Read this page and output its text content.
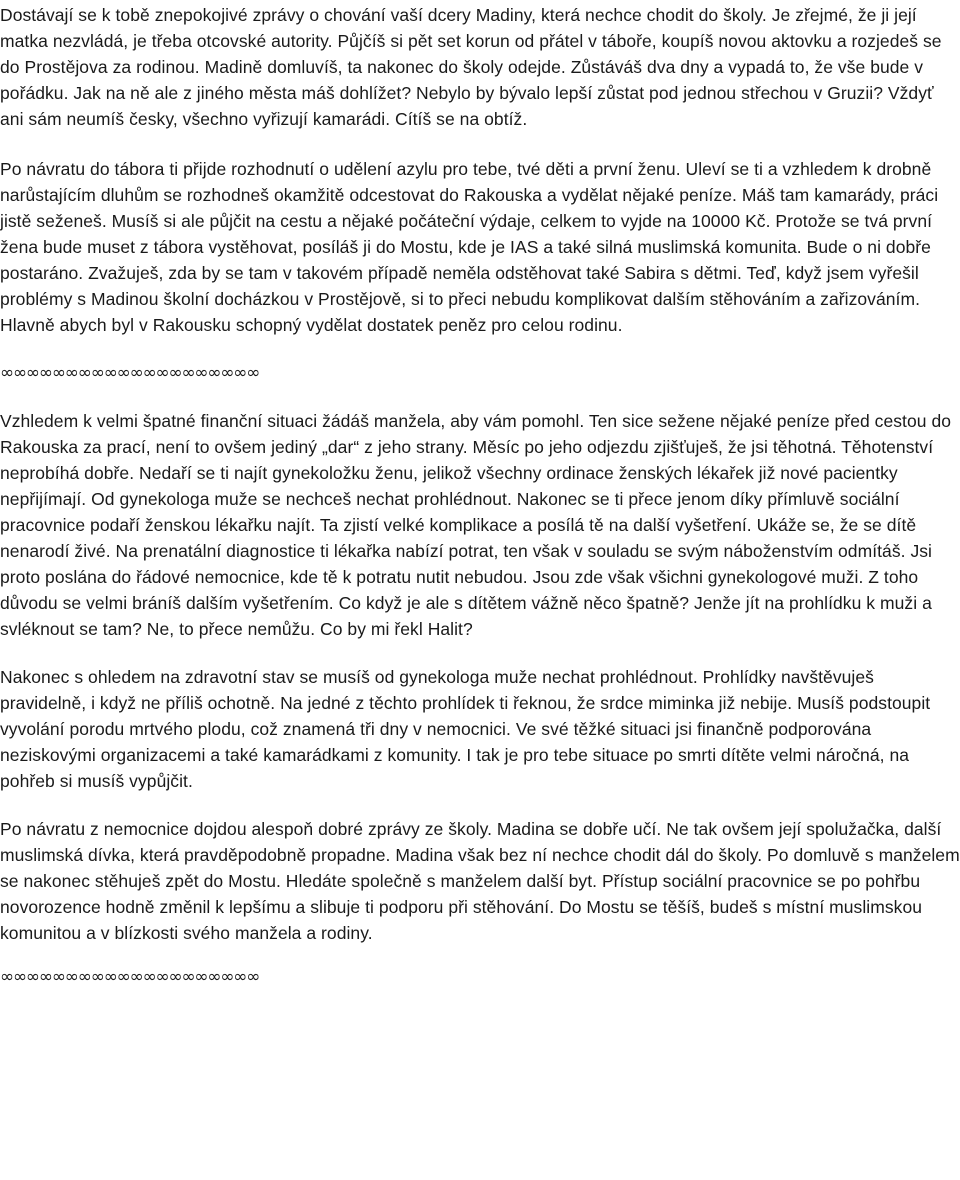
Dostávají se k tobě znepokojivé zprávy o chování vaší dcery Madiny, která nechce chodit do školy. Je zřejmé, že ji její matka nezvládá, je třeba otcovské autority. Půjčíš si pět set korun od přátel v táboře, koupíš novou aktovku a rozjedeš se do Prostějova za rodinou. Madině domluvíš, ta nakonec do školy odejde. Zůstáváš dva dny a vypadá to, že vše bude v pořádku. Jak na ně ale z jiného města máš dohlížet? Nebylo by bývalo lepší zůstat pod jednou střechou v Gruzii? Vždyť ani sám neumíš česky, všechno vyřizují kamarádi. Cítíš se na obtíž.

Po návratu do tábora ti přijde rozhodnutí o udělení azylu pro tebe, tvé děti a první ženu. Uleví se ti a vzhledem k drobně narůstajícím dluhům se rozhodneš okamžitě odcestovat do Rakouska a vydělat nějaké peníze. Máš tam kamarády, práci jistě seženeš. Musíš si ale půjčit na cestu a nějaké počáteční výdaje, celkem to vyjde na 10000 Kč. Protože se tvá první žena bude muset z tábora vystěhovat, posíláš ji do Mostu, kde je IAS a také silná muslimská komunita. Bude o ni dobře postaráno. Zvažuješ, zda by se tam v takovém případě neměla odstěhovat také Sabira s dětmi. Teď, když jsem vyřešil problémy s Madinou školní docházkou v Prostějově, si to přeci nebudu komplikovat dalším stěhováním a zařizováním. Hlavně abych byl v Rakousku schopný vydělat dostatek peněz pro celou rodinu.

∞∞∞∞∞∞∞∞∞∞∞∞∞∞∞∞∞∞∞∞

Vzhledem k velmi špatné finanční situaci žádáš manžela, aby vám pomohl. Ten sice sežene nějaké peníze před cestou do Rakouska za prací, není to ovšem jediný „dar“ z jeho strany. Měsíc po jeho odjezdu zjišťuješ, že jsi těhotná. Těhotenství neprobíhá dobře. Nedaří se ti najít gynekoložku ženu, jelikož všechny ordinace ženských lékařek již nové pacientky nepřijímají. Od gynekologa muže se nechceš nechat prohlédnout. Nakonec se ti přece jenom díky přímluvě sociální pracovnice podaří ženskou lékařku najít. Ta zjistí velké komplikace a posílá tě na další vyšetření. Ukáže se, že se dítě nenarodí živé. Na prenatální diagnostice ti lékařka nabízí potrat, ten však v souladu se svým náboženstvím odmítáš. Jsi proto poslána do řádové nemocnice, kde tě k potratu nutit nebudou. Jsou zde však všichni gynekologové muži. Z toho důvodu se velmi bráníš dalším vyšetřením. Co když je ale s dítětem vážně něco špatně? Jenže jít na prohlídku k muži a svléknout se tam? Ne, to přece nemůžu. Co by mi řekl Halit?

Nakonec s ohledem na zdravotní stav se musíš od gynekologa muže nechat prohlédnout. Prohlídky navštěvuješ pravidelně, i když ne příliš ochotně. Na jedné z těchto prohlídek ti řeknou, že srdce miminka již nebije. Musíš podstoupit vyvolání porodu mrtvého plodu, což znamená tři dny v nemocnici. Ve své těžké situaci jsi finančně podporována neziskovými organizacemi a také kamarádkami z komunity. I tak je pro tebe situace po smrti dítěte velmi náročná, na pohřeb si musíš vypůjčit.

Po návratu z nemocnice dojdou alespoň dobré zprávy ze školy. Madina se dobře učí. Ne tak ovšem její spolužačka, další muslimská dívka, která pravděpodobně propadne. Madina však bez ní nechce chodit dál do školy. Po domluvě s manželem se nakonec stěhuješ zpět do Mostu. Hledáte společně s manželem další byt. Přístup sociální pracovnice se po pohřbu novorozence hodně změnil k lepšímu a slibuje ti podporu při stěhování. Do Mostu se těšíš, budeš s místní muslimskou komunitou a v blízkosti svého manžela a rodiny.

∞∞∞∞∞∞∞∞∞∞∞∞∞∞∞∞∞∞∞∞
